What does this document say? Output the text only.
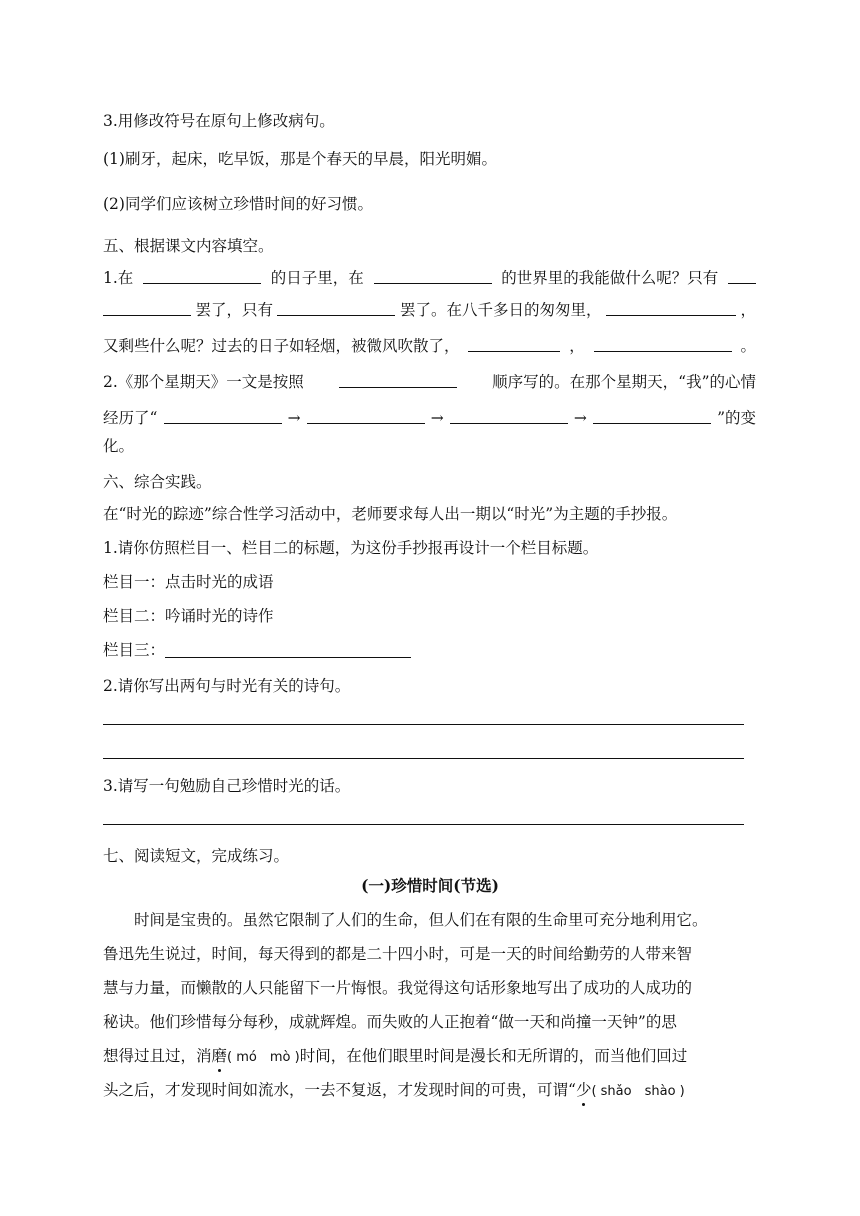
3.用修改符号在原句上修改病句。
(1)刷牙，起床，吃早饭，那是个春天的早晨，阳光明媚。
(2)同学们应该树立珍惜时间的好习惯。
五、根据课文内容填空。
1.在	的日子里，在	的世界里的我能做什么呢？只有
罢了，只有	罢了。在八千多日的匆匆里，	，
又剩些什么呢？过去的日子如轻烟，被微风吹散了，	，	。
2.《那个星期天》一文是按照	顺序写的。在那个星期天，“我”的心情
经历了“	→	→	→	”的变
化。
六、综合实践。
在“时光的踪迹”综合性学习活动中，老师要求每人出一期以“时光”为主题的手抄报。
1.请你仿照栏目一、栏目二的标题，为这份手抄报再设计一个栏目标题。
栏目一：点击时光的成语
栏目二：吟诵时光的诗作
栏目三：
2.请你写出两句与时光有关的诗句。
3.请写一句勉励自己珍惜时光的话。
七、阅读短文，完成练习。
(一)珍惜时间(节选)
　　时间是宝贵的。虽然它限制了人们的生命，但人们在有限的生命里可充分地利用它。
鲁迅先生说过，时间，每天得到的都是二十四小时，可是一天的时间给勤劳的人带来智
慧与力量，而懒散的人只能留下一片悔恨。我觉得这句话形象地写出了成功的人成功的
秘诀。他们珍惜每分每秒，成就辉煌。而失败的人正抱着“做一天和尚撞一天钟”的思
想得过且过，消磨( mó　mò )时间，在他们眼里时间是漫长和无所谓的，而当他们回过
头之后，才发现时间如流水，一去不复返，才发现时间的可贵，可谓“少( shǎo　shào )
